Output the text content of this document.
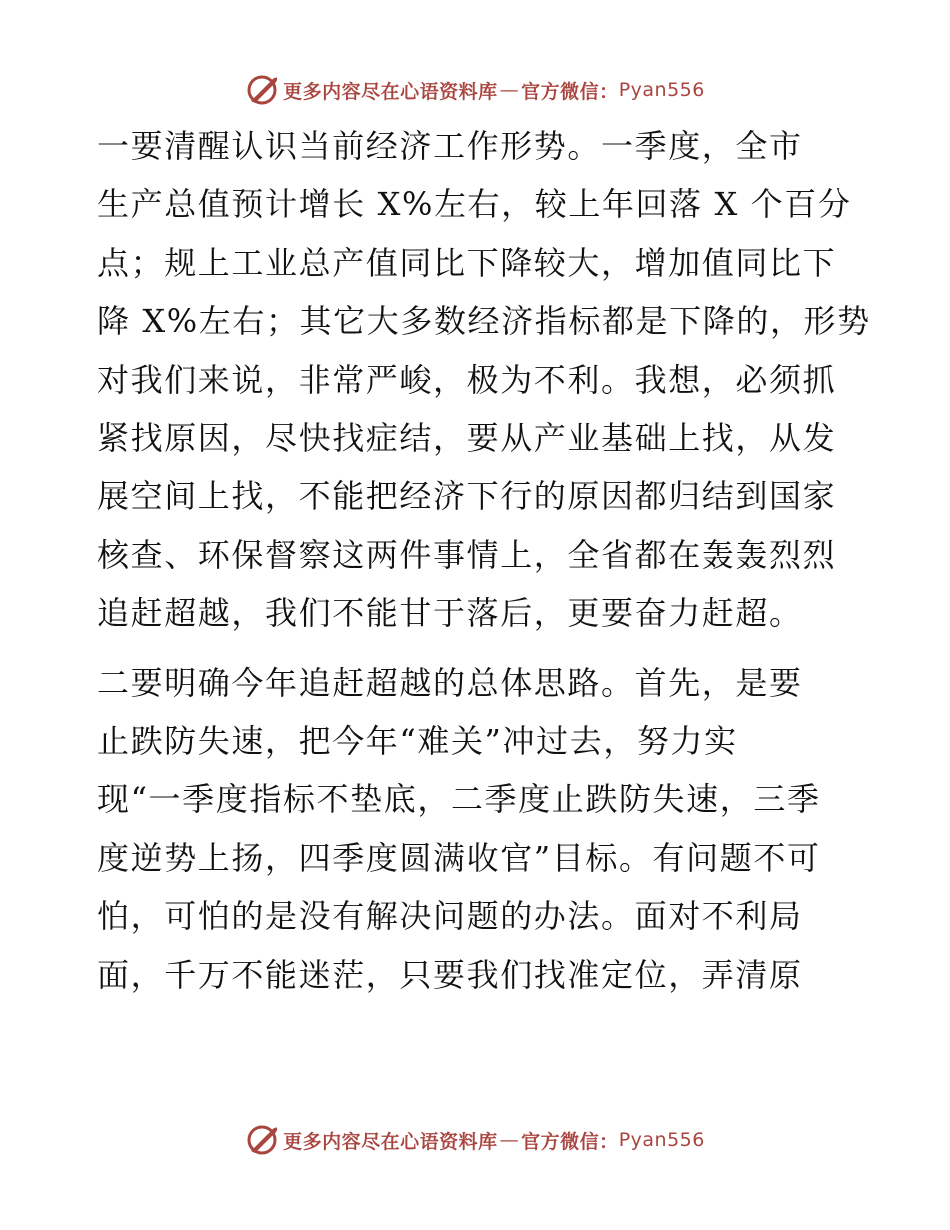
更多内容尽在心语资料库 — 官方微信： Pyan556

一要清醒认识当前经济工作形势。一季度，全市
生产总值预计增长 X%左右，较上年回落 X 个百分
点；规上工业总产值同比下降较大，增加值同比下
降 X%左右；其它大多数经济指标都是下降的，形势
对我们来说，非常严峻，极为不利。我想，必须抓
紧找原因，尽快找症结，要从产业基础上找，从发
展空间上找，不能把经济下行的原因都归结到国家
核查、环保督察这两件事情上，全省都在轰轰烈烈
追赶超越，我们不能甘于落后，更要奋力赶超。

二要明确今年追赶超越的总体思路。首先，是要
止跌防失速，把今年“难关”冲过去，努力实
现“一季度指标不垫底，二季度止跌防失速，三季
度逆势上扬，四季度圆满收官”目标。有问题不可
怕，可怕的是没有解决问题的办法。面对不利局
面，千万不能迷茫，只要我们找准定位，弄清原

更多内容尽在心语资料库 — 官方微信： Pyan556
